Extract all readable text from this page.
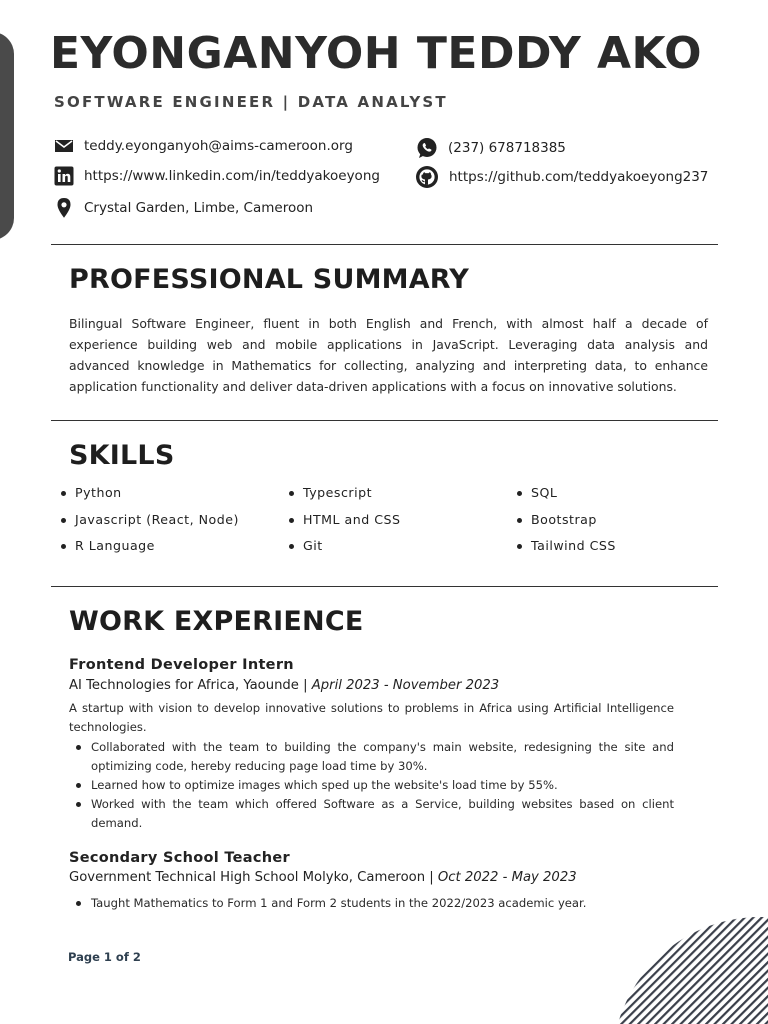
EYONGANYOH TEDDY AKO
SOFTWARE ENGINEER | DATA ANALYST
teddy.eyonganyoh@aims-cameroon.org	(237) 678718385
https://www.linkedin.com/in/teddyakoeyong	https://github.com/teddyakoeyong237
Crystal Garden, Limbe, Cameroon
PROFESSIONAL SUMMARY

Bilingual Software Engineer, fluent in both English and French, with almost half a decade of experience building web and mobile applications in JavaScript. Leveraging data analysis and advanced knowledge in Mathematics for collecting, analyzing and interpreting data, to enhance application functionality and deliver data-driven applications with a focus on innovative solutions.

SKILLS
Python
Javascript (React, Node)
R Language
Typescript
HTML and CSS
Git
SQL
Bootstrap
Tailwind CSS
WORK EXPERIENCE
Frontend Developer Intern
AI Technologies for Africa, Yaounde | April 2023 - November 2023

A startup with vision to develop innovative solutions to problems in Africa using Artificial Intelligence technologies.

Collaborated with the team to building the company's main website, redesigning the site and optimizing code, hereby reducing page load time by 30%.
Learned how to optimize images which sped up the website's load time by 55%.
Worked with the team which offered Software as a Service, building websites based on client demand.
Secondary School Teacher
Government Technical High School Molyko, Cameroon | Oct 2022 - May 2023
Taught Mathematics to Form 1 and Form 2 students in the 2022/2023 academic year.
Page 1 of 2
